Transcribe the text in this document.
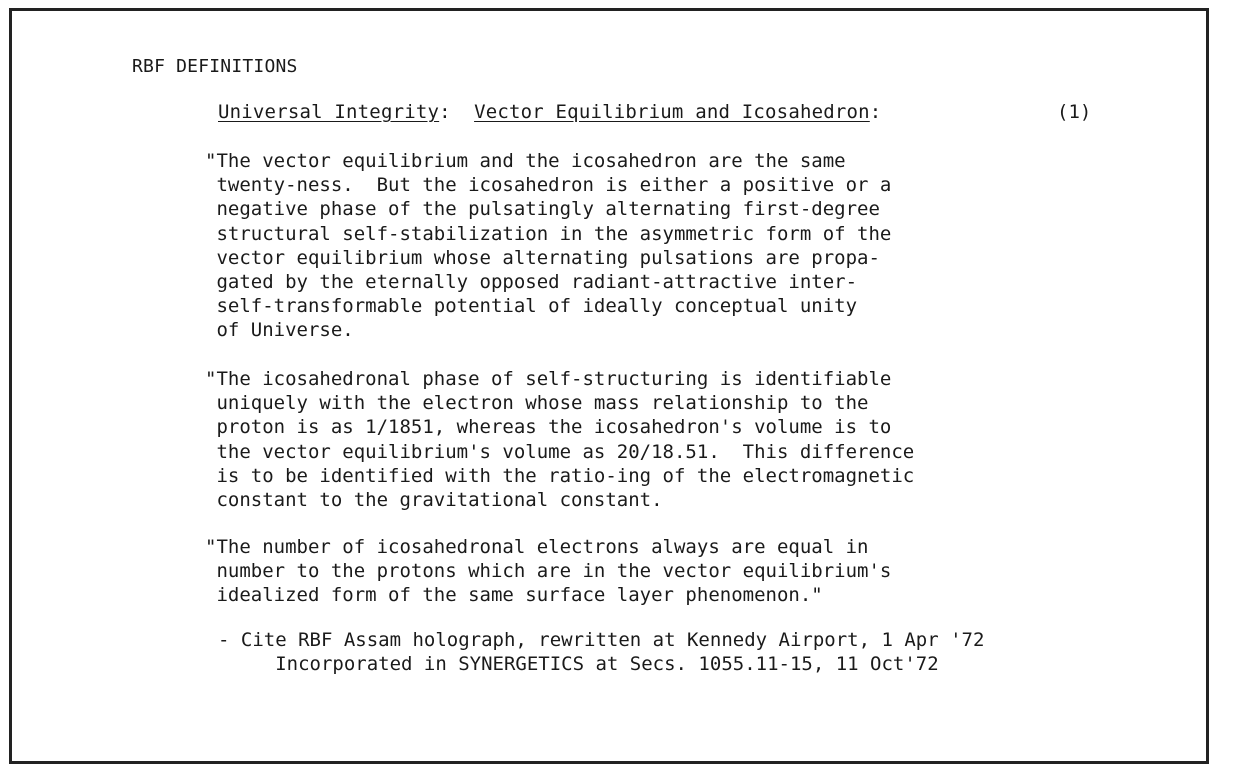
RBF DEFINITIONS
Universal Integrity:  Vector Equilibrium and Icosahedron:	(1)
"The vector equilibrium and the icosahedron are the same
twenty-ness.  But the icosahedron is either a positive or a
negative phase of the pulsatingly alternating first-degree
structural self-stabilization in the asymmetric form of the
vector equilibrium whose alternating pulsations are propa-
gated by the eternally opposed radiant-attractive inter-
self-transformable potential of ideally conceptual unity
of Universe.
"The icosahedronal phase of self-structuring is identifiable
uniquely with the electron whose mass relationship to the
proton is as 1/1851, whereas the icosahedron's volume is to
the vector equilibrium's volume as 20/18.51.  This difference
is to be identified with the ratio-ing of the electromagnetic
constant to the gravitational constant.
"The number of icosahedronal electrons always are equal in
number to the protons which are in the vector equilibrium's
idealized form of the same surface layer phenomenon."
- Cite RBF Assam holograph, rewritten at Kennedy Airport, 1 Apr '72
Incorporated in SYNERGETICS at Secs. 1055.11-15, 11 Oct'72
